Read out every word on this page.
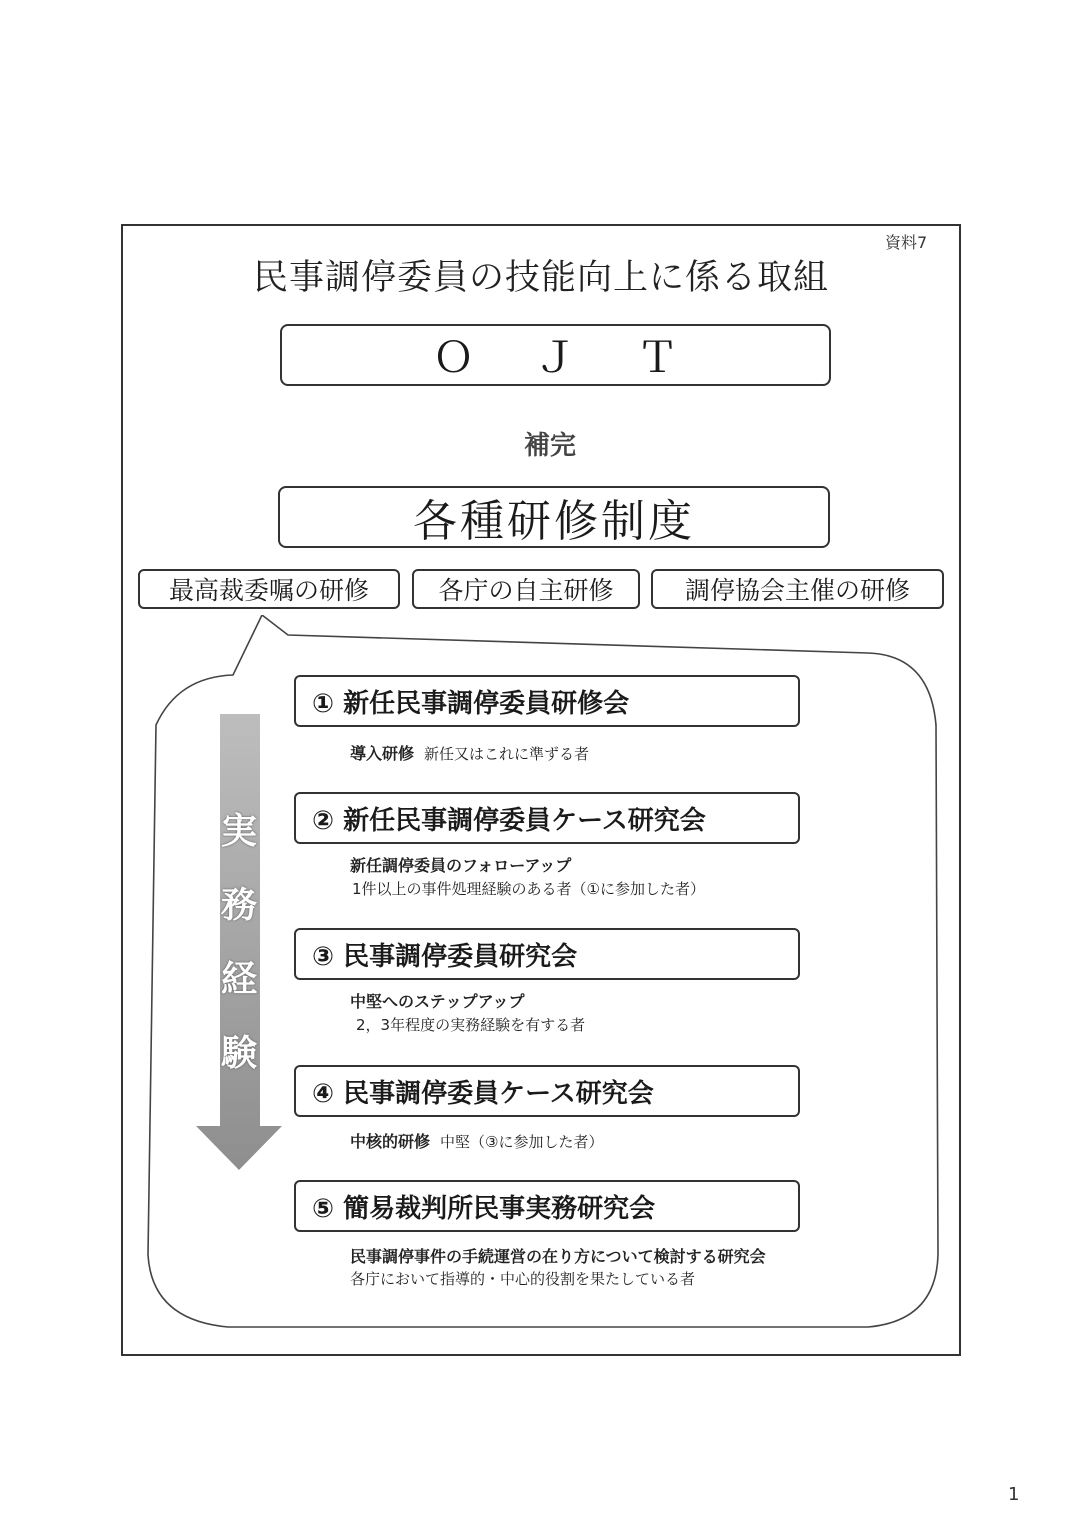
資料7
民事調停委員の技能向上に係る取組
ＯＪＴ
補完
各種研修制度
最高裁委嘱の研修	各庁の自主研修	調停協会主催の研修
実
務
経
験
① 新任民事調停委員研修会
導入研修 新任又はこれに準ずる者
② 新任民事調停委員ケース研究会
新任調停委員のフォローアップ
1件以上の事件処理経験のある者（①に参加した者）
③ 民事調停委員研究会
中堅へのステップアップ
2，3年程度の実務経験を有する者
④ 民事調停委員ケース研究会
中核的研修 中堅（③に参加した者）
⑤ 簡易裁判所民事実務研究会
民事調停事件の手続運営の在り方について検討する研究会
各庁において指導的・中心的役割を果たしている者
1
